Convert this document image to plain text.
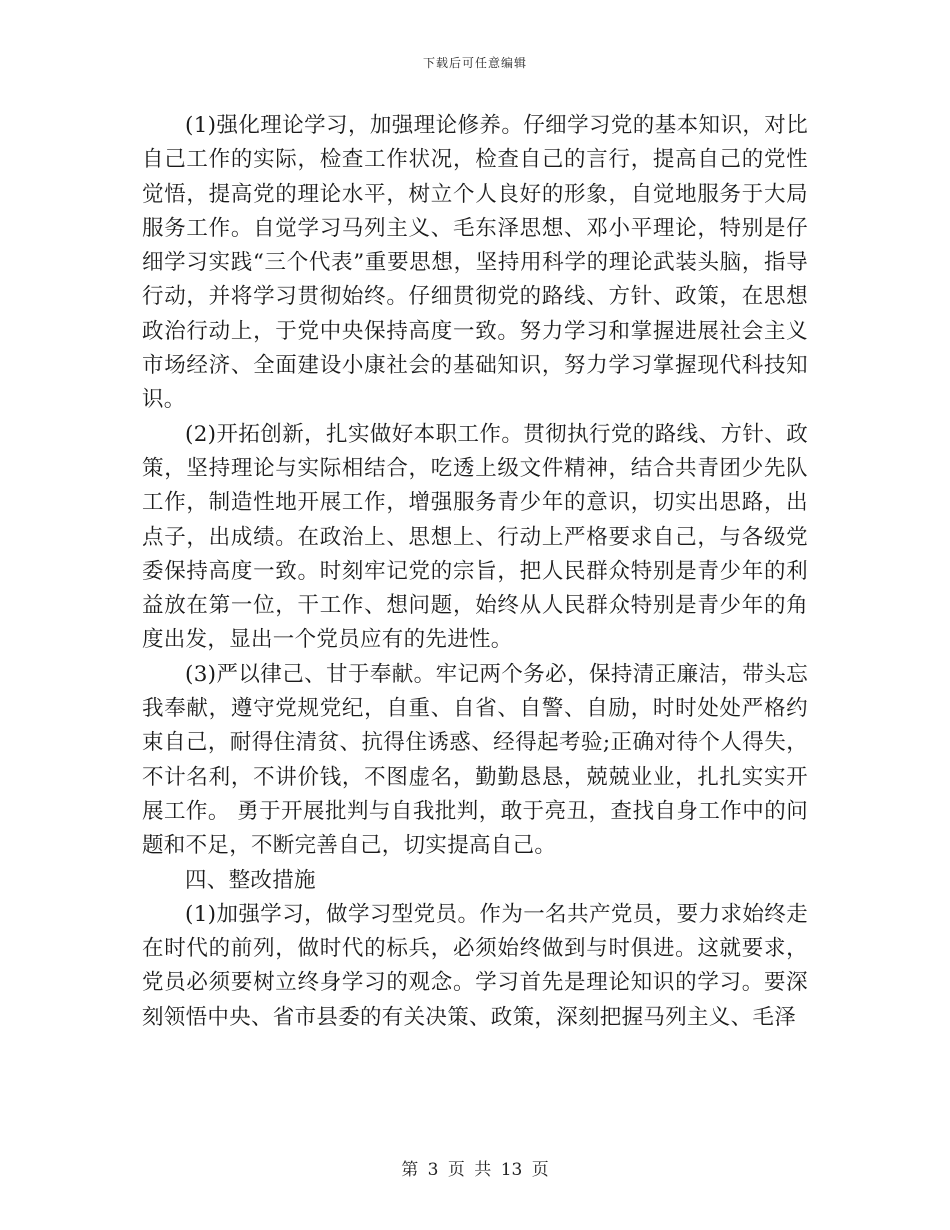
下载后可任意编辑

(1)强化理论学习，加强理论修养。仔细学习党的基本知识，对比自己工作的实际，检查工作状况，检查自己的言行，提高自己的党性觉悟，提高党的理论水平，树立个人良好的形象，自觉地服务于大局服务工作。自觉学习马列主义、毛东泽思想、邓小平理论，特别是仔细学习实践“三个代表”重要思想，坚持用科学的理论武装头脑，指导行动，并将学习贯彻始终。仔细贯彻党的路线、方针、政策，在思想政治行动上，于党中央保持高度一致。努力学习和掌握进展社会主义市场经济、全面建设小康社会的基础知识，努力学习掌握现代科技知识。

(2)开拓创新，扎实做好本职工作。贯彻执行党的路线、方针、政策，坚持理论与实际相结合，吃透上级文件精神，结合共青团少先队工作，制造性地开展工作，增强服务青少年的意识，切实出思路，出点子，出成绩。在政治上、思想上、行动上严格要求自己，与各级党委保持高度一致。时刻牢记党的宗旨，把人民群众特别是青少年的利益放在第一位，干工作、想问题，始终从人民群众特别是青少年的角度出发，显出一个党员应有的先进性。

(3)严以律己、甘于奉献。牢记两个务必，保持清正廉洁，带头忘我奉献，遵守党规党纪，自重、自省、自警、自励，时时处处严格约束自己，耐得住清贫、抗得住诱惑、经得起考验;正确对待个人得失，不计名利，不讲价钱，不图虚名，勤勤恳恳，兢兢业业，扎扎实实开展工作。 勇于开展批判与自我批判，敢于亮丑，查找自身工作中的问题和不足，不断完善自己，切实提高自己。

四、整改措施

(1)加强学习，做学习型党员。作为一名共产党员，要力求始终走在时代的前列，做时代的标兵，必须始终做到与时俱进。这就要求，党员必须要树立终身学习的观念。学习首先是理论知识的学习。要深刻领悟中央、省市县委的有关决策、政策，深刻把握马列主义、毛泽

第 3 页 共 13 页
